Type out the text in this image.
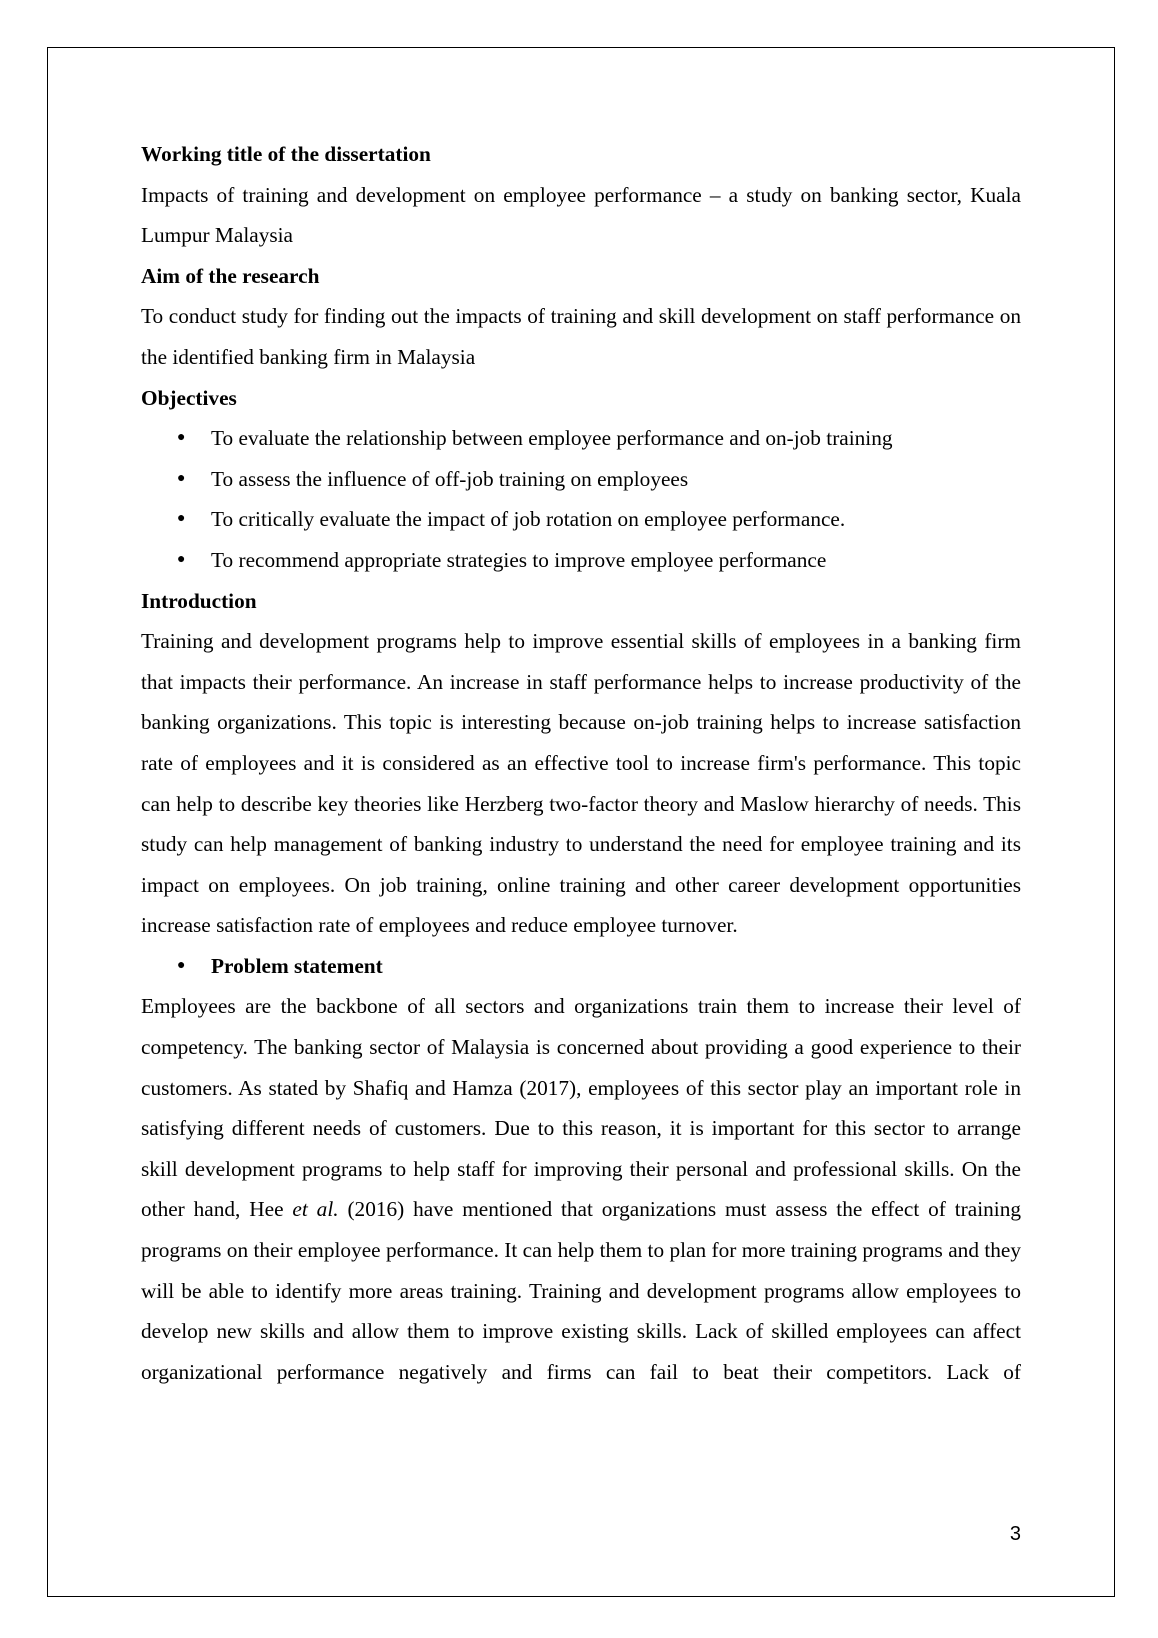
Working title of the dissertation

Impacts of training and development on employee performance – a study on banking sector, Kuala Lumpur Malaysia

Aim of the research

To conduct study for finding out the impacts of training and skill development on staff performance on the identified banking firm in Malaysia

Objectives
● To evaluate the relationship between employee performance and on-job training
● To assess the influence of off-job training on employees
● To critically evaluate the impact of job rotation on employee performance.
● To recommend appropriate strategies to improve employee performance
Introduction

Training and development programs help to improve essential skills of employees in a banking firm that impacts their performance. An increase in staff performance helps to increase productivity of the banking organizations. This topic is interesting because on-job training helps to increase satisfaction rate of employees and it is considered as an effective tool to increase firm's performance. This topic can help to describe key theories like Herzberg two-factor theory and Maslow hierarchy of needs. This study can help management of banking industry to understand the need for employee training and its impact on employees. On job training, online training and other career development opportunities increase satisfaction rate of employees and reduce employee turnover.

● Problem statement

Employees are the backbone of all sectors and organizations train them to increase their level of competency. The banking sector of Malaysia is concerned about providing a good experience to their customers. As stated by Shafiq and Hamza (2017), employees of this sector play an important role in satisfying different needs of customers. Due to this reason, it is important for this sector to arrange skill development programs to help staff for improving their personal and professional skills. On the other hand, Hee et al. (2016) have mentioned that organizations must assess the effect of training programs on their employee performance. It can help them to plan for more training programs and they will be able to identify more areas training. Training and development programs allow employees to develop new skills and allow them to improve existing skills. Lack of skilled employees can affect organizational performance negatively and firms can fail to beat their competitors. Lack of

3
